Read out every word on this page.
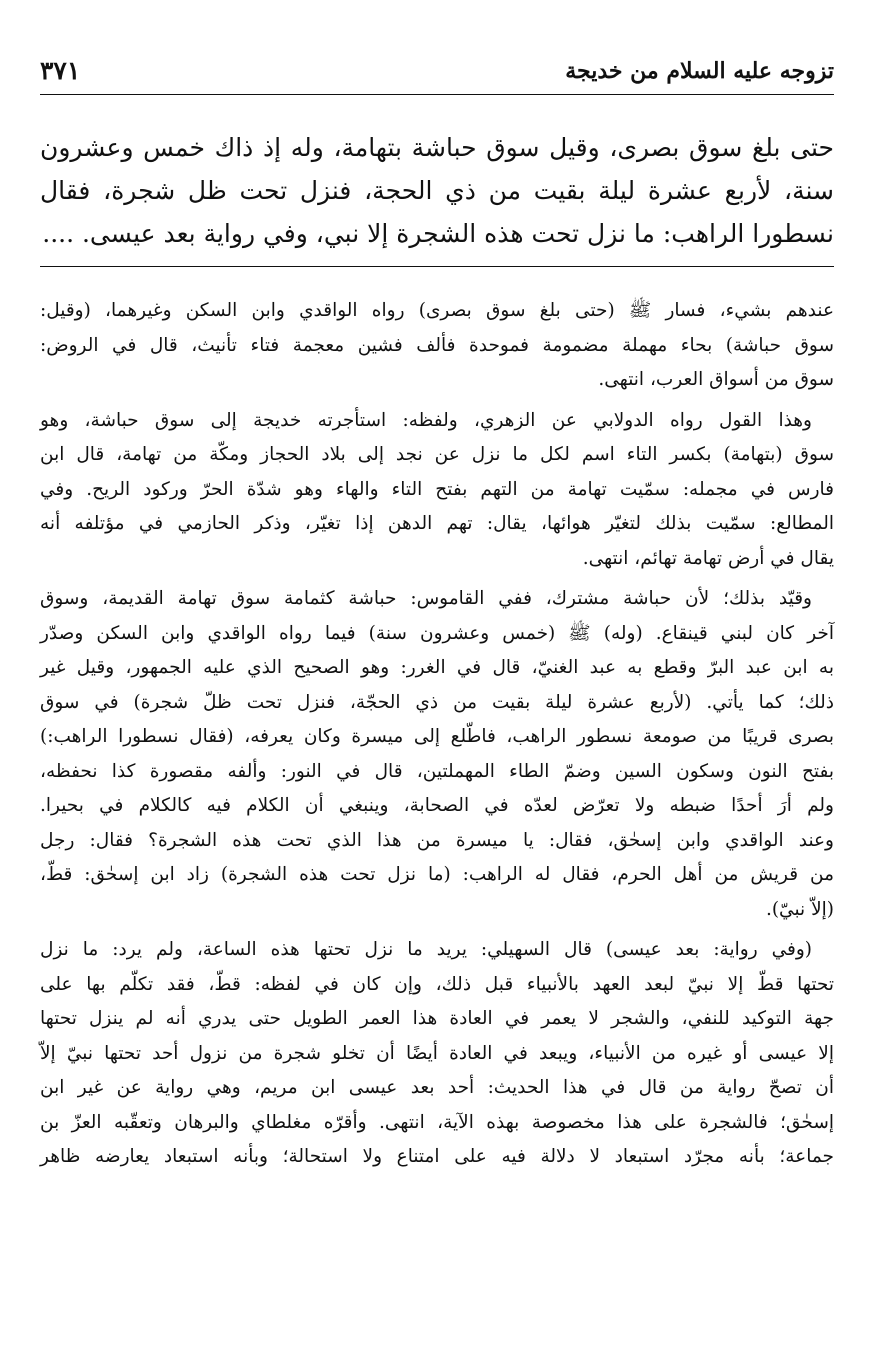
تزوجه عليه السلام من خديجة
٣٧١
حتى بلغ سوق بصرى، وقيل سوق حباشة بتهامة، وله إذ ذاك خمس وعشرون
سنة، لأربع عشرة ليلة بقيت من ذي الحجة، فنزل تحت ظل شجرة، فقال
نسطورا الراهب: ما نزل تحت هذه الشجرة إلا نبي، وفي رواية بعد عيسى. ....
عندهم بشيء، فسار ﷺ (حتى بلغ سوق بصرى) رواه الواقدي وابن السكن وغيرهما، (وقيل:
سوق حباشة) بحاء مهملة مضمومة فموحدة فألف فشين معجمة فتاء تأنيث، قال في الروض:
سوق من أسواق العرب، انتهى.
وهذا القول رواه الدولابي عن الزهري، ولفظه: استأجرته خديجة إلى سوق حباشة، وهو
سوق (بتهامة) بكسر التاء اسم لكل ما نزل عن نجد إلى بلاد الحجاز ومكّة من تهامة، قال ابن
فارس في مجمله: سمّيت تهامة من التهم بفتح التاء والهاء وهو شدّة الحرّ وركود الريح. وفي
المطالع: سمّيت بذلك لتغيّر هوائها، يقال: تهم الدهن إذا تغيّر، وذكر الحازمي في مؤتلفه أنه
يقال في أرض تهامة تهائم، انتهى.
وقيّد بذلك؛ لأن حباشة مشترك، ففي القاموس: حباشة كثمامة سوق تهامة القديمة، وسوق
آخر كان لبني قينقاع. (وله) ﷺ (خمس وعشرون سنة) فيما رواه الواقدي وابن السكن وصدّر
به ابن عبد البرّ وقطع به عبد الغنيّ، قال في الغرر: وهو الصحيح الذي عليه الجمهور، وقيل غير
ذلك؛ كما يأتي. (لأربع عشرة ليلة بقيت من ذي الحجّة، فنزل تحت ظلّ شجرة) في سوق
بصرى قريبًا من صومعة نسطور الراهب، فاطّلع إلى ميسرة وكان يعرفه، (فقال نسطورا الراهب:)
بفتح النون وسكون السين وضمّ الطاء المهملتين، قال في النور: وألفه مقصورة كذا نحفظه،
ولم أرَ أحدًا ضبطه ولا تعرّض لعدّه في الصحابة، وينبغي أن الكلام فيه كالكلام في بحيرا.
وعند الواقدي وابن إسحٰق، فقال: يا ميسرة من هذا الذي تحت هذه الشجرة؟ فقال: رجل
من قريش من أهل الحرم، فقال له الراهب: (ما نزل تحت هذه الشجرة) زاد ابن إسحٰق: قطّ،
(إلاّ نبيّ).
(وفي رواية: بعد عيسى) قال السهيلي: يريد ما نزل تحتها هذه الساعة، ولم يرد: ما نزل
تحتها قطّ إلا نبيّ لبعد العهد بالأنبياء قبل ذلك، وإن كان في لفظه: قطّ، فقد تكلّم بها على
جهة التوكيد للنفي، والشجر لا يعمر في العادة هذا العمر الطويل حتى يدري أنه لم ينزل تحتها
إلا عيسى أو غيره من الأنبياء، ويبعد في العادة أيضًا أن تخلو شجرة من نزول أحد تحتها نبيّ إلاّ
أن تصحّ رواية من قال في هذا الحديث: أحد بعد عيسى ابن مريم، وهي رواية عن غير ابن
إسحٰق؛ فالشجرة على هذا مخصوصة بهذه الآية، انتهى. وأقرّه مغلطاي والبرهان وتعقّبه العزّ بن
جماعة؛ بأنه مجرّد استبعاد لا دلالة فيه على امتناع ولا استحالة؛ وبأنه استبعاد يعارضه ظاهر
